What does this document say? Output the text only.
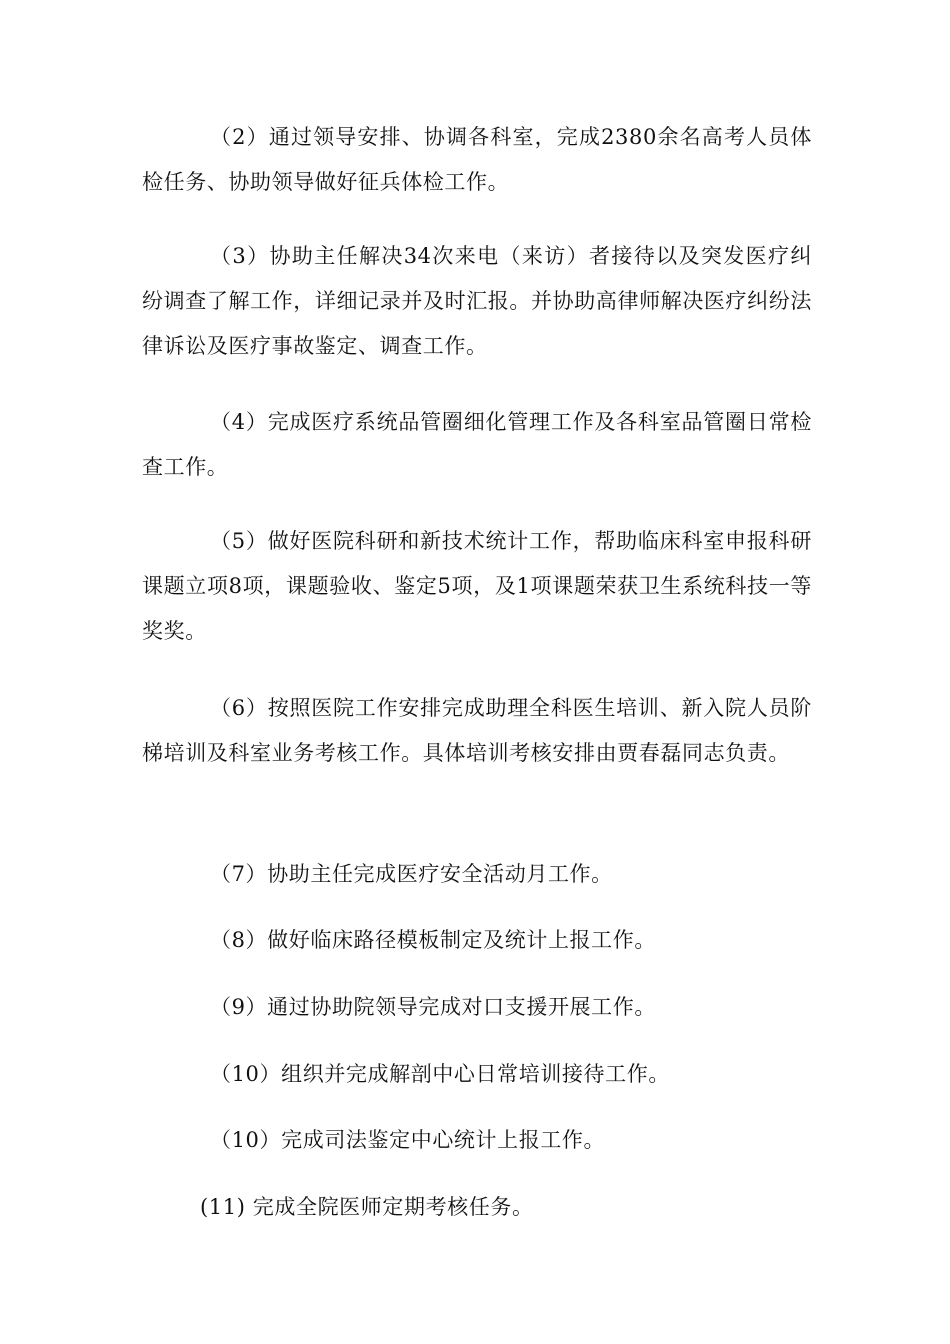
（2）通过领导安排、协调各科室，完成2380余名高考人员体检任务、协助领导做好征兵体检工作。

（3）协助主任解决34次来电（来访）者接待以及突发医疗纠纷调查了解工作，详细记录并及时汇报。并协助高律师解决医疗纠纷法律诉讼及医疗事故鉴定、调查工作。

（4）完成医疗系统品管圈细化管理工作及各科室品管圈日常检查工作。

（5）做好医院科研和新技术统计工作，帮助临床科室申报科研课题立项8项，课题验收、鉴定5项，及1项课题荣获卫生系统科技一等奖奖。

（6）按照医院工作安排完成助理全科医生培训、新入院人员阶梯培训及科室业务考核工作。具体培训考核安排由贾春磊同志负责。

（7）协助主任完成医疗安全活动月工作。

（8）做好临床路径模板制定及统计上报工作。

（9）通过协助院领导完成对口支援开展工作。

（10）组织并完成解剖中心日常培训接待工作。

（10）完成司法鉴定中心统计上报工作。

(11) 完成全院医师定期考核任务。
